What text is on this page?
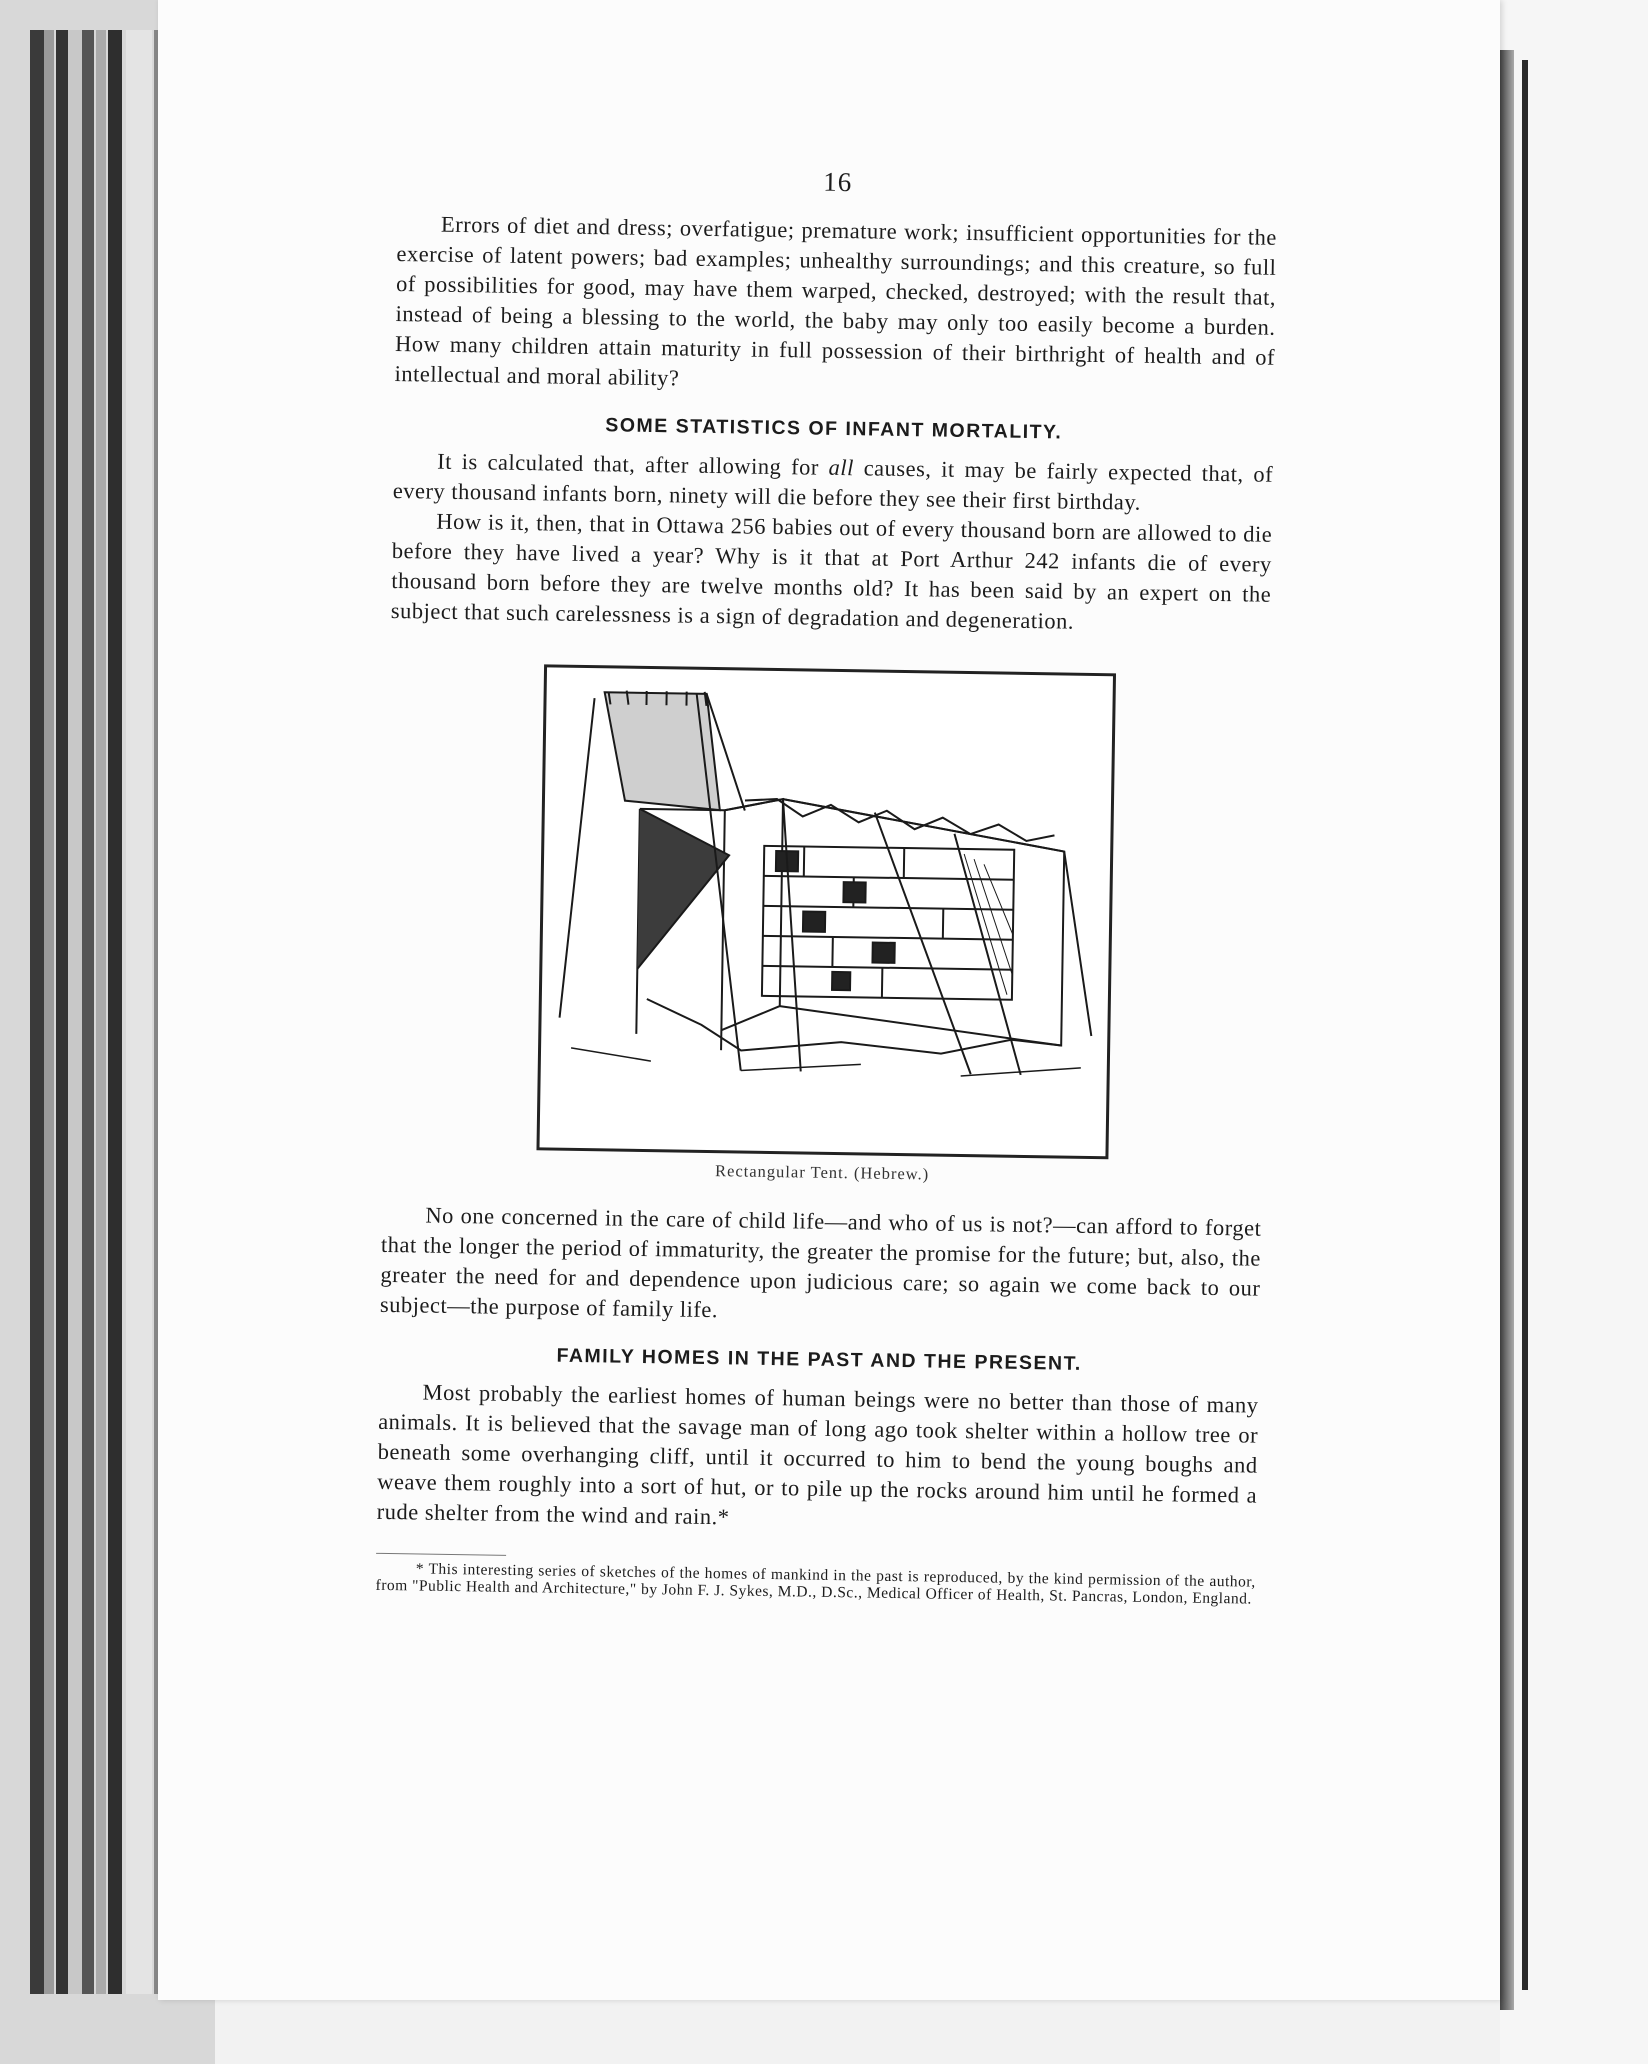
16

Errors of diet and dress; overfatigue; premature work; insufficient opportunities for the exercise of latent powers; bad examples; unhealthy surroundings; and this creature, so full of possibilities for good, may have them warped, checked, destroyed; with the result that, instead of being a blessing to the world, the baby may only too easily become a burden. How many children attain maturity in full possession of their birthright of health and of intellectual and moral ability?

SOME STATISTICS OF INFANT MORTALITY.

It is calculated that, after allowing for all causes, it may be fairly expected that, of every thousand infants born, ninety will die before they see their first birthday.

How is it, then, that in Ottawa 256 babies out of every thousand born are allowed to die before they have lived a year? Why is it that at Port Arthur 242 infants die of every thousand born before they are twelve months old? It has been said by an expert on the subject that such carelessness is a sign of degradation and degeneration.

Rectangular Tent. (Hebrew.)

No one concerned in the care of child life—and who of us is not?—can afford to forget that the longer the period of immaturity, the greater the promise for the future; but, also, the greater the need for and dependence upon judicious care; so again we come back to our subject—the purpose of family life.

FAMILY HOMES IN THE PAST AND THE PRESENT.

Most probably the earliest homes of human beings were no better than those of many animals. It is believed that the savage man of long ago took shelter within a hollow tree or beneath some overhanging cliff, until it occurred to him to bend the young boughs and weave them roughly into a sort of hut, or to pile up the rocks around him until he formed a rude shelter from the wind and rain.*

* This interesting series of sketches of the homes of mankind in the past is reproduced, by the kind permission of the author, from "Public Health and Architecture," by John F. J. Sykes, M.D., D.Sc., Medical Officer of Health, St. Pancras, London, England.
